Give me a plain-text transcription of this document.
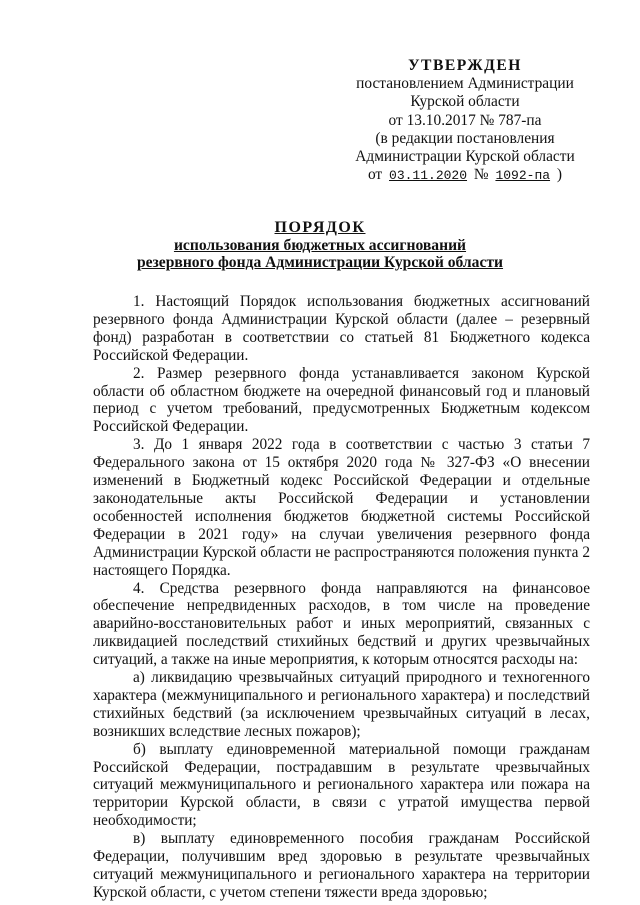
УТВЕРЖДЕН
постановлением Администрации
Курской области
от 13.10.2017 № 787-па
(в редакции постановления
Администрации Курской области
от 03.11.2020 № 1092-па )
ПОРЯДОК
использования бюджетных ассигнований
резервного фонда Администрации Курской области

1. Настоящий Порядок использования бюджетных ассигнований резервного фонда Администрации Курской области (далее – резервный фонд) разработан в соответствии со статьей 81 Бюджетного кодекса Российской Федерации.

2. Размер резервного фонда устанавливается законом Курской области об областном бюджете на очередной финансовый год и плановый период с учетом требований, предусмотренных Бюджетным кодексом Российской Федерации.

3. До 1 января 2022 года в соответствии с частью 3 статьи 7 Федерального закона от 15 октября 2020 года № 327-ФЗ «О внесении изменений в Бюджетный кодекс Российской Федерации и отдельные законодательные акты Российской Федерации и установлении особенностей исполнения бюджетов бюджетной системы Российской Федерации в 2021 году» на случаи увеличения резервного фонда Администрации Курской области не распространяются положения пункта 2 настоящего Порядка.

4. Средства резервного фонда направляются на финансовое обеспечение непредвиденных расходов, в том числе на проведение аварийно-восстановительных работ и иных мероприятий, связанных с ликвидацией последствий стихийных бедствий и других чрезвычайных ситуаций, а также на иные мероприятия, к которым относятся расходы на:

а) ликвидацию чрезвычайных ситуаций природного и техногенного характера (межмуниципального и регионального характера) и последствий стихийных бедствий (за исключением чрезвычайных ситуаций в лесах, возникших вследствие лесных пожаров);

б) выплату единовременной материальной помощи гражданам Российской Федерации, пострадавшим в результате чрезвычайных ситуаций межмуниципального и регионального характера или пожара на территории Курской области, в связи с утратой имущества первой необходимости;

в) выплату единовременного пособия гражданам Российской Федерации, получившим вред здоровью в результате чрезвычайных ситуаций межмуниципального и регионального характера на территории Курской области, с учетом степени тяжести вреда здоровью;
